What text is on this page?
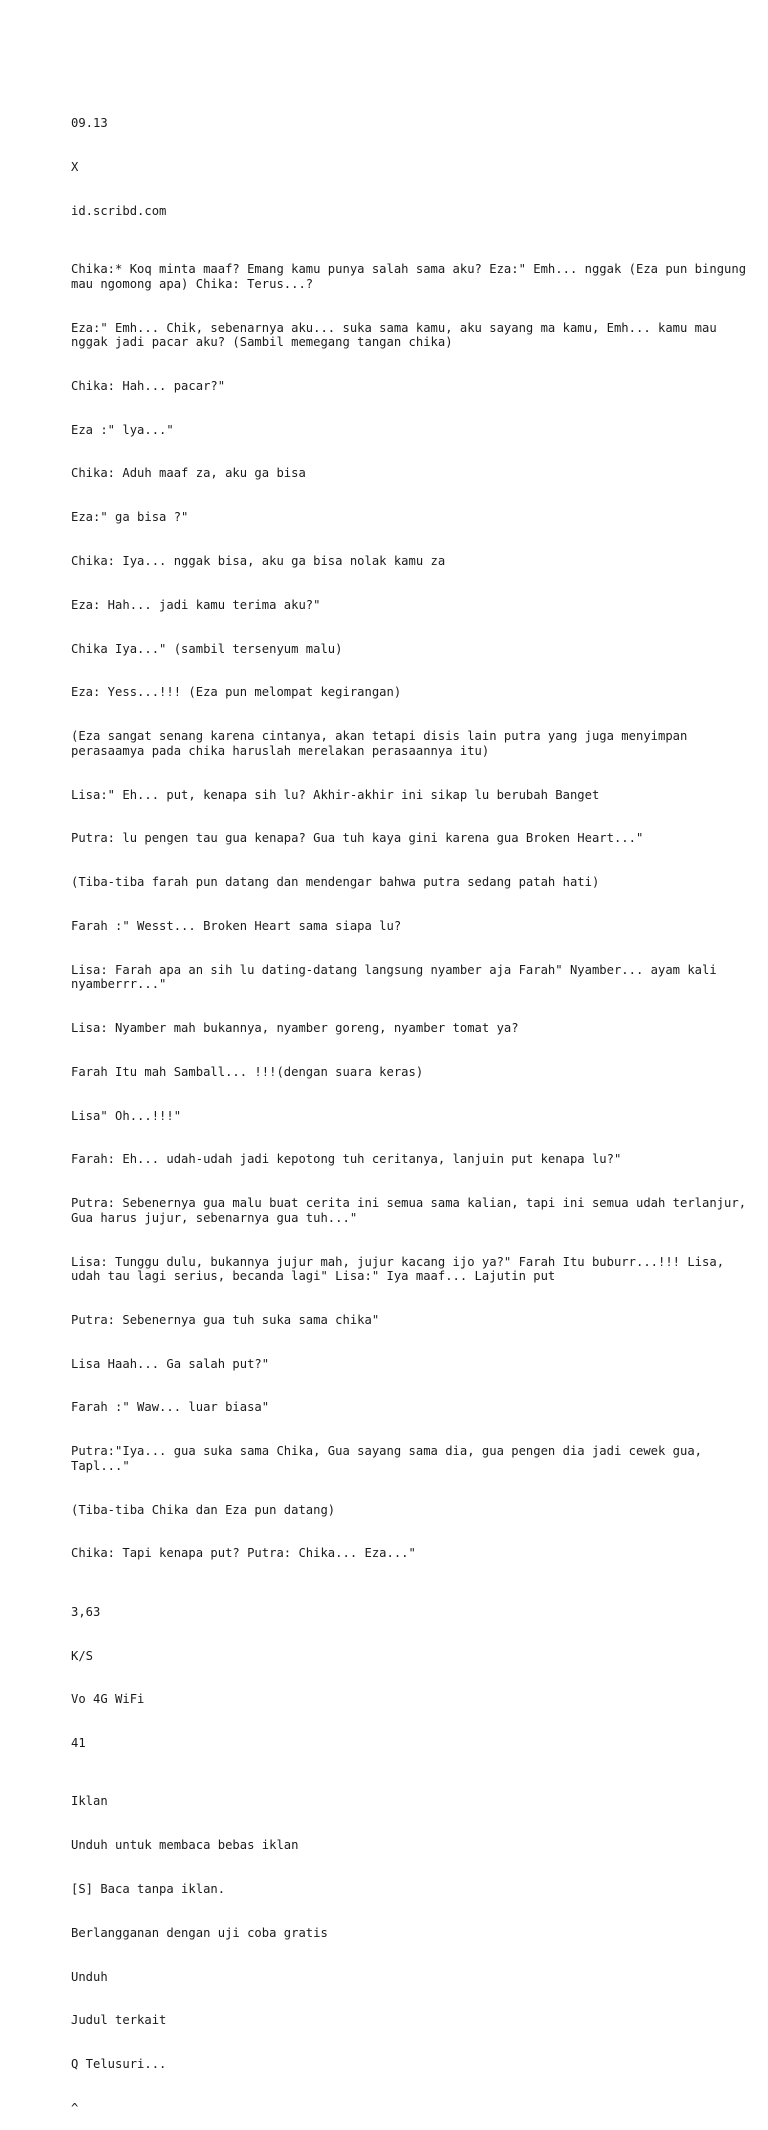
09.13

X

id.scribd.com

Chika:* Koq minta maaf? Emang kamu punya salah sama aku? Eza:" Emh... nggak (Eza pun bingung mau ngomong apa) Chika: Terus...?

Eza:" Emh... Chik, sebenarnya aku... suka sama kamu, aku sayang ma kamu, Emh... kamu mau nggak jadi pacar aku? (Sambil memegang tangan chika)

Chika: Hah... pacar?"

Eza :" lya..."

Chika: Aduh maaf za, aku ga bisa

Eza:" ga bisa ?"

Chika: Iya... nggak bisa, aku ga bisa nolak kamu za

Eza: Hah... jadi kamu terima aku?"

Chika Iya..." (sambil tersenyum malu)

Eza: Yess...!!! (Eza pun melompat kegirangan)

(Eza sangat senang karena cintanya, akan tetapi disis lain putra yang juga menyimpan perasaamya pada chika haruslah merelakan perasaannya itu)

Lisa:" Eh... put, kenapa sih lu? Akhir-akhir ini sikap lu berubah Banget

Putra: lu pengen tau gua kenapa? Gua tuh kaya gini karena gua Broken Heart..."

(Tiba-tiba farah pun datang dan mendengar bahwa putra sedang patah hati)

Farah :" Wesst... Broken Heart sama siapa lu?

Lisa: Farah apa an sih lu dating-datang langsung nyamber aja Farah" Nyamber... ayam kali nyamberrr..."

Lisa: Nyamber mah bukannya, nyamber goreng, nyamber tomat ya?

Farah Itu mah Samball... !!!(dengan suara keras)

Lisa" Oh...!!!"

Farah: Eh... udah-udah jadi kepotong tuh ceritanya, lanjuin put kenapa lu?"

Putra: Sebenernya gua malu buat cerita ini semua sama kalian, tapi ini semua udah terlanjur, Gua harus jujur, sebenarnya gua tuh..."

Lisa: Tunggu dulu, bukannya jujur mah, jujur kacang ijo ya?" Farah Itu buburr...!!! Lisa, udah tau lagi serius, becanda lagi" Lisa:" Iya maaf... Lajutin put

Putra: Sebenernya gua tuh suka sama chika"

Lisa Haah... Ga salah put?"

Farah :" Waw... luar biasa"

Putra:"Iya... gua suka sama Chika, Gua sayang sama dia, gua pengen dia jadi cewek gua, Tapl..."

(Tiba-tiba Chika dan Eza pun datang)

Chika: Tapi kenapa put? Putra: Chika... Eza..."

3,63

K/S

Vo 4G WiFi

41

Iklan

Unduh untuk membaca bebas iklan

[S] Baca tanpa iklan.

Berlangganan dengan uji coba gratis

Unduh

Judul terkait

Q Telusuri...

^
